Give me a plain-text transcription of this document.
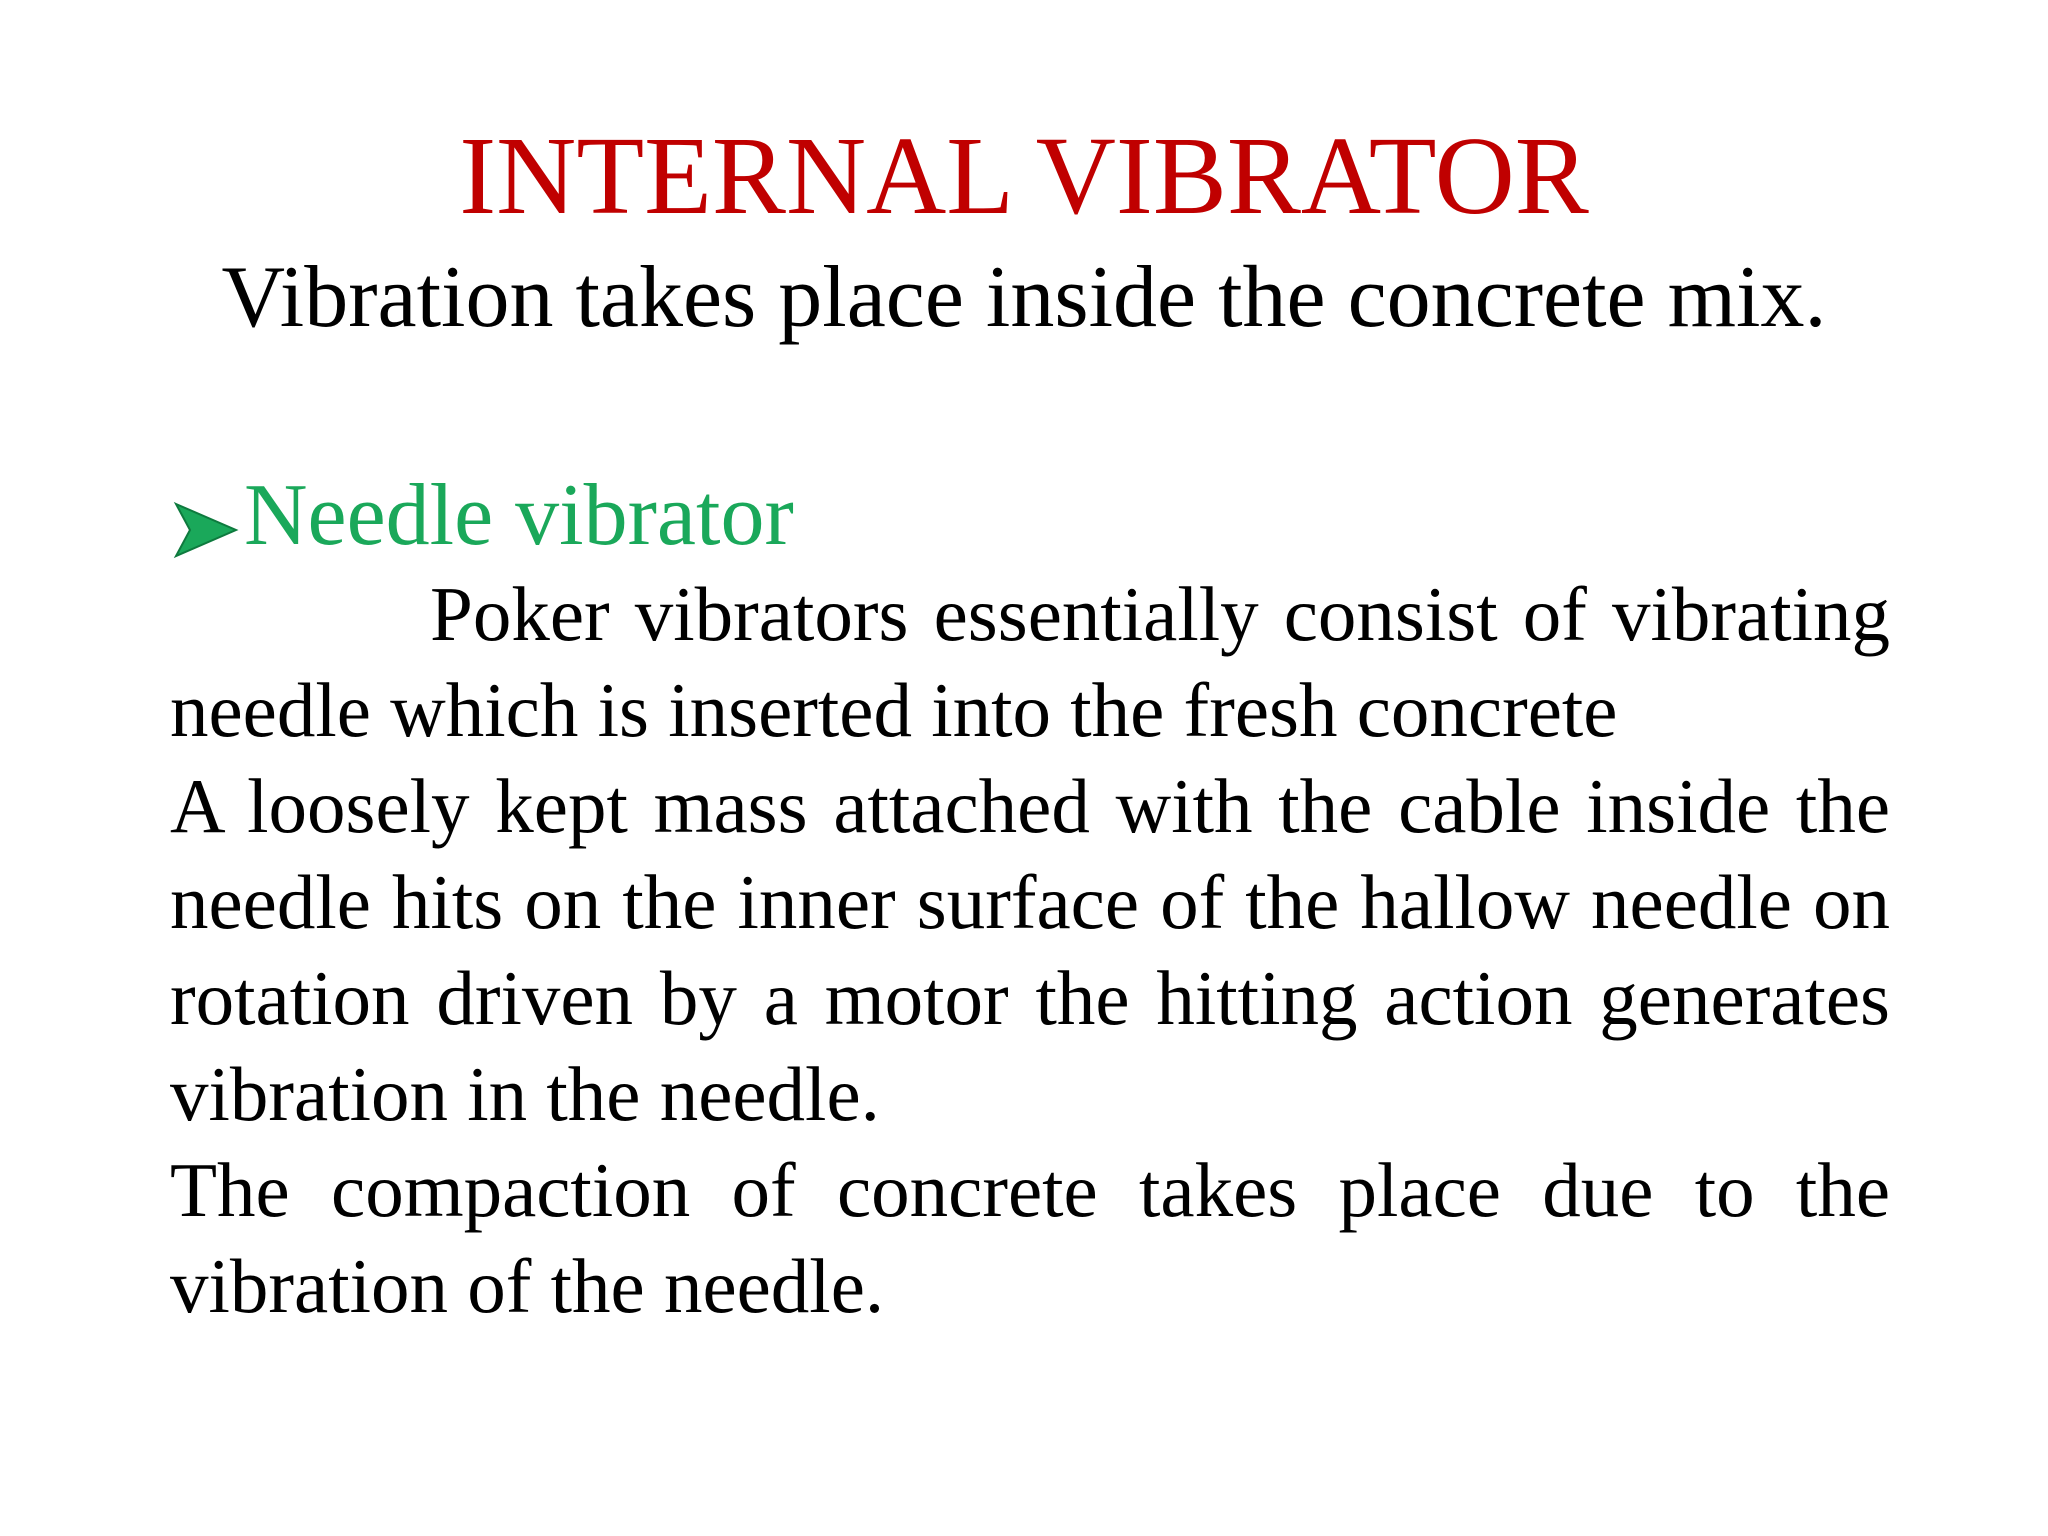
INTERNAL VIBRATOR

Vibration takes place inside the concrete mix.

Needle vibrator

Poker vibrators essentially consist of vibrating needle which is inserted into the fresh concrete

A loosely kept mass attached with the cable inside the needle hits on the inner surface of the hallow needle on rotation driven by a motor the hitting action generates vibration in the needle.

The compaction of concrete takes place due to the vibration of the needle.
